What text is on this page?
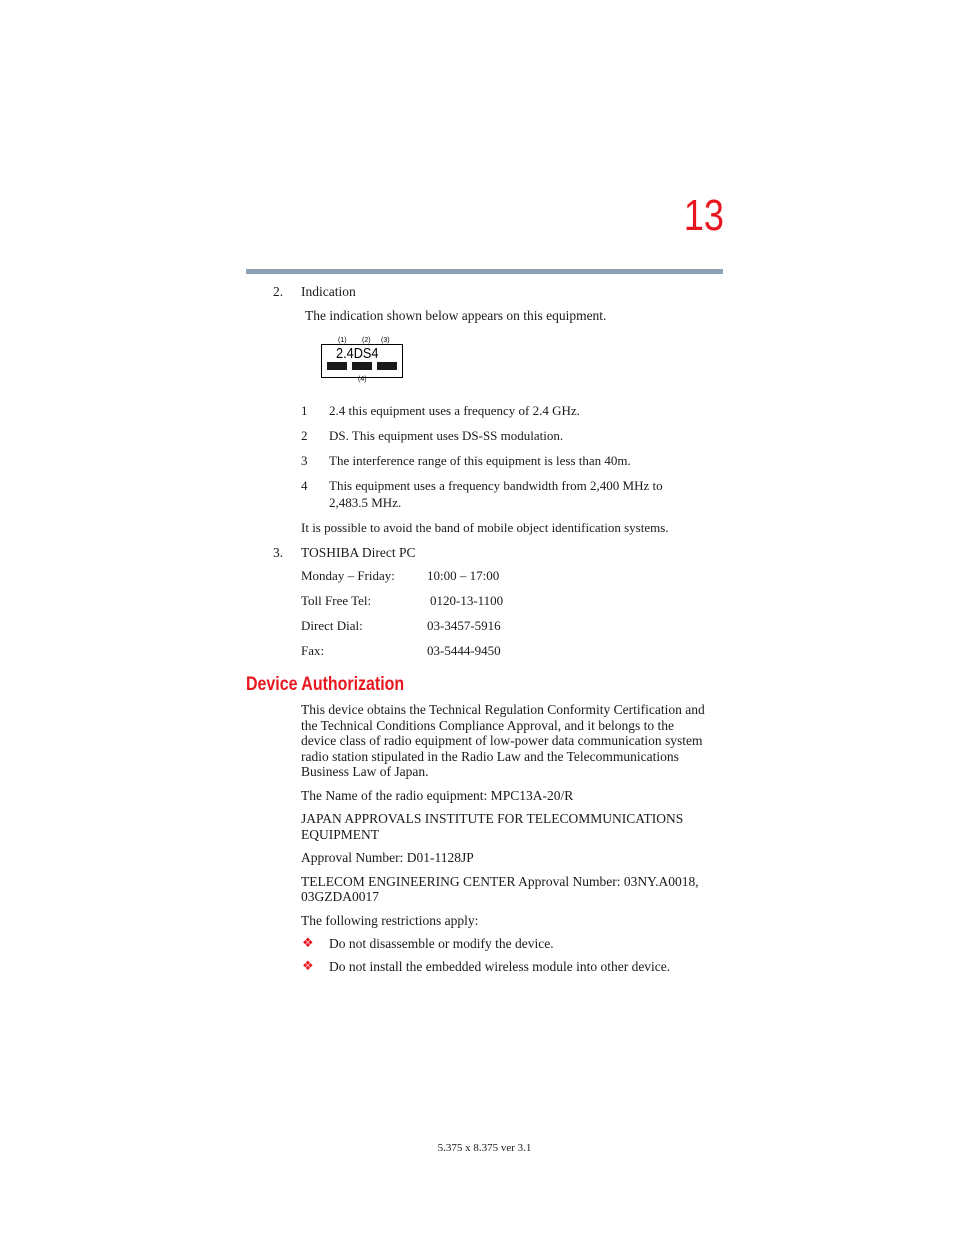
13
2. Indication
The indication shown below appears on this equipment.
(1) (2) (3)
2.4DS4
(4)
1 2.4 this equipment uses a frequency of 2.4 GHz.
2 DS. This equipment uses DS-SS modulation.
3 The interference range of this equipment is less than 40m.
4 This equipment uses a frequency bandwidth from 2,400 MHz to
2,483.5 MHz.
It is possible to avoid the band of mobile object identification systems.
3. TOSHIBA Direct PC
Monday – Friday: 10:00 – 17:00
Toll Free Tel:	0120-13-1100
Direct Dial:	03-3457-5916
Fax:	03-5444-9450
Device Authorization
This device obtains the Technical Regulation Conformity Certification and
the Technical Conditions Compliance Approval, and it belongs to the
device class of radio equipment of low-power data communication system
radio station stipulated in the Radio Law and the Telecommunications
Business Law of Japan.
The Name of the radio equipment: MPC13A-20/R
JAPAN APPROVALS INSTITUTE FOR TELECOMMUNICATIONS
EQUIPMENT
Approval Number: D01-1128JP
TELECOM ENGINEERING CENTER Approval Number: 03NY.A0018,
03GZDA0017
The following restrictions apply:
❖ Do not disassemble or modify the device.
❖ Do not install the embedded wireless module into other device.
5.375 x 8.375 ver 3.1
